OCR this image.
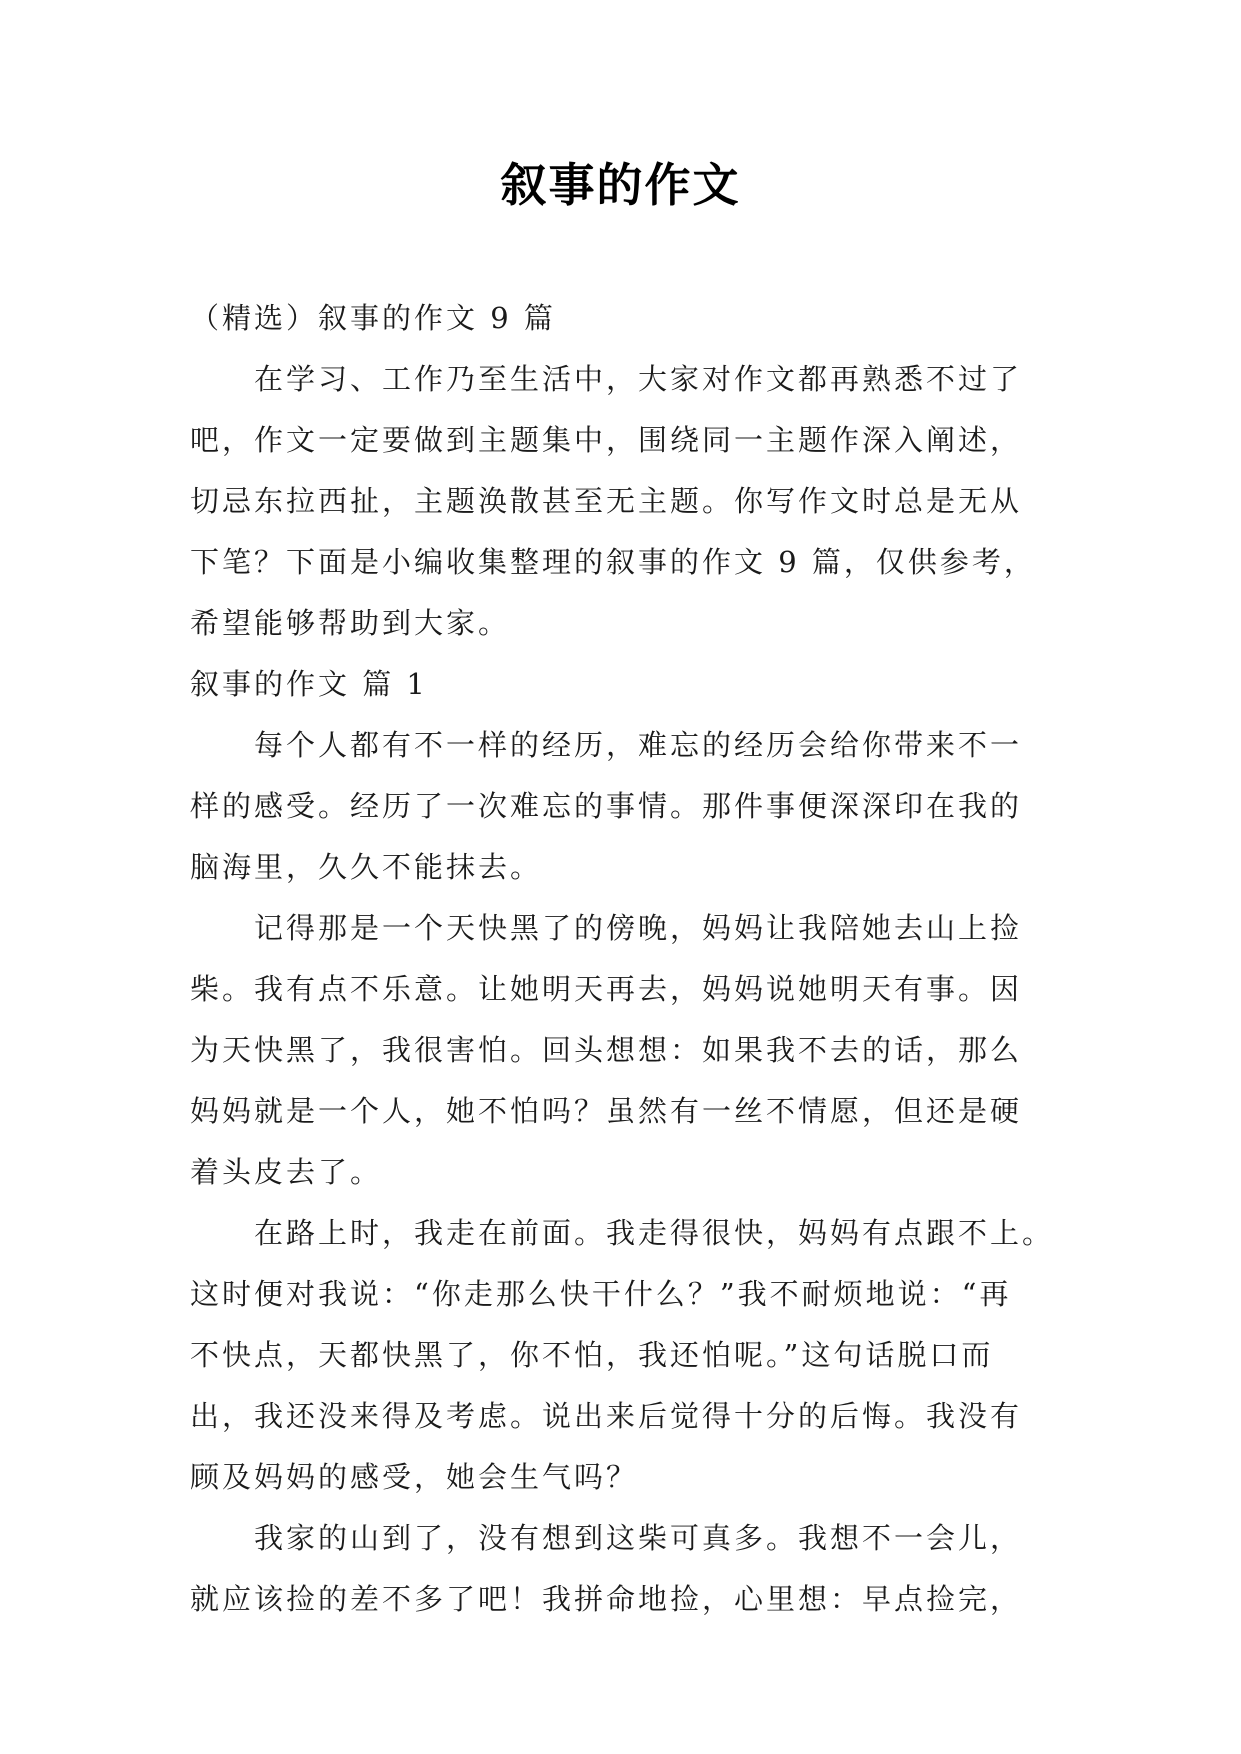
叙事的作文
（精选）叙事的作文 9 篇
在学习、工作乃至生活中，大家对作文都再熟悉不过了
吧，作文一定要做到主题集中，围绕同一主题作深入阐述，
切忌东拉西扯，主题涣散甚至无主题。你写作文时总是无从
下笔？下面是小编收集整理的叙事的作文 9 篇，仅供参考，
希望能够帮助到大家。
叙事的作文 篇 1
每个人都有不一样的经历，难忘的经历会给你带来不一
样的感受。经历了一次难忘的事情。那件事便深深印在我的
脑海里，久久不能抹去。
记得那是一个天快黑了的傍晚，妈妈让我陪她去山上捡
柴。我有点不乐意。让她明天再去，妈妈说她明天有事。因
为天快黑了，我很害怕。回头想想：如果我不去的话，那么
妈妈就是一个人，她不怕吗？虽然有一丝不情愿，但还是硬
着头皮去了。
在路上时，我走在前面。我走得很快，妈妈有点跟不上。
这时便对我说：“你走那么快干什么？”我不耐烦地说：“再
不快点，天都快黑了，你不怕，我还怕呢。”这句话脱口而
出，我还没来得及考虑。说出来后觉得十分的后悔。我没有
顾及妈妈的感受，她会生气吗？
我家的山到了，没有想到这柴可真多。我想不一会儿，
就应该捡的差不多了吧！我拼命地捡，心里想：早点捡完，
